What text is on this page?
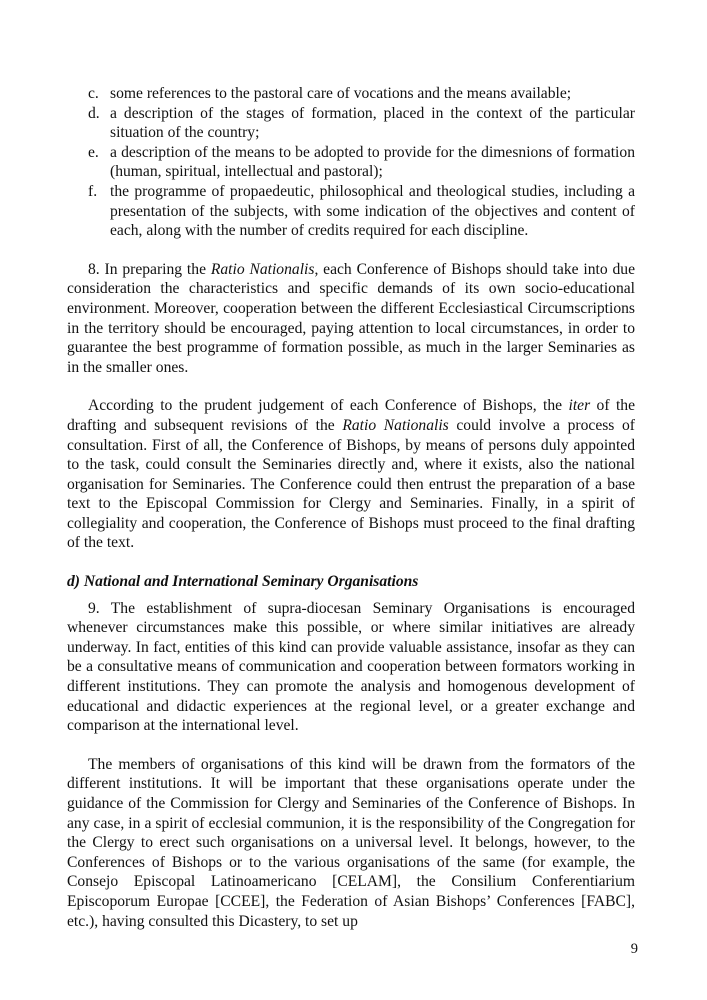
c. some references to the pastoral care of vocations and the means available;
d. a description of the stages of formation, placed in the context of the particular situation of the country;
e. a description of the means to be adopted to provide for the dimesnions of formation (human, spiritual, intellectual and pastoral);
f. the programme of propaedeutic, philosophical and theological studies, including a presentation of the subjects, with some indication of the objectives and content of each, along with the number of credits required for each discipline.

8. In preparing the Ratio Nationalis, each Conference of Bishops should take into due consideration the characteristics and specific demands of its own socio-educational environment. Moreover, cooperation between the different Ecclesiastical Circumscriptions in the territory should be encouraged, paying attention to local circumstances, in order to guarantee the best programme of formation possible, as much in the larger Seminaries as in the smaller ones.

According to the prudent judgement of each Conference of Bishops, the iter of the drafting and subsequent revisions of the Ratio Nationalis could involve a process of consultation. First of all, the Conference of Bishops, by means of persons duly appointed to the task, could consult the Seminaries directly and, where it exists, also the national organisation for Seminaries. The Conference could then entrust the preparation of a base text to the Episcopal Commission for Clergy and Seminaries. Finally, in a spirit of collegiality and cooperation, the Conference of Bishops must proceed to the final drafting of the text.

d) National and International Seminary Organisations

9. The establishment of supra-diocesan Seminary Organisations is encouraged whenever circumstances make this possible, or where similar initiatives are already underway. In fact, entities of this kind can provide valuable assistance, insofar as they can be a consultative means of communication and cooperation between formators working in different institutions. They can promote the analysis and homogenous development of educational and didactic experiences at the regional level, or a greater exchange and comparison at the international level.

The members of organisations of this kind will be drawn from the formators of the different institutions. It will be important that these organisations operate under the guidance of the Commission for Clergy and Seminaries of the Conference of Bishops. In any case, in a spirit of ecclesial communion, it is the responsibility of the Congregation for the Clergy to erect such organisations on a universal level. It belongs, however, to the Conferences of Bishops or to the various organisations of the same (for example, the Consejo Episcopal Latinoamericano [CELAM], the Consilium Conferentiarium Episcoporum Europae [CCEE], the Federation of Asian Bishops’ Conferences [FABC], etc.), having consulted this Dicastery, to set up

9
